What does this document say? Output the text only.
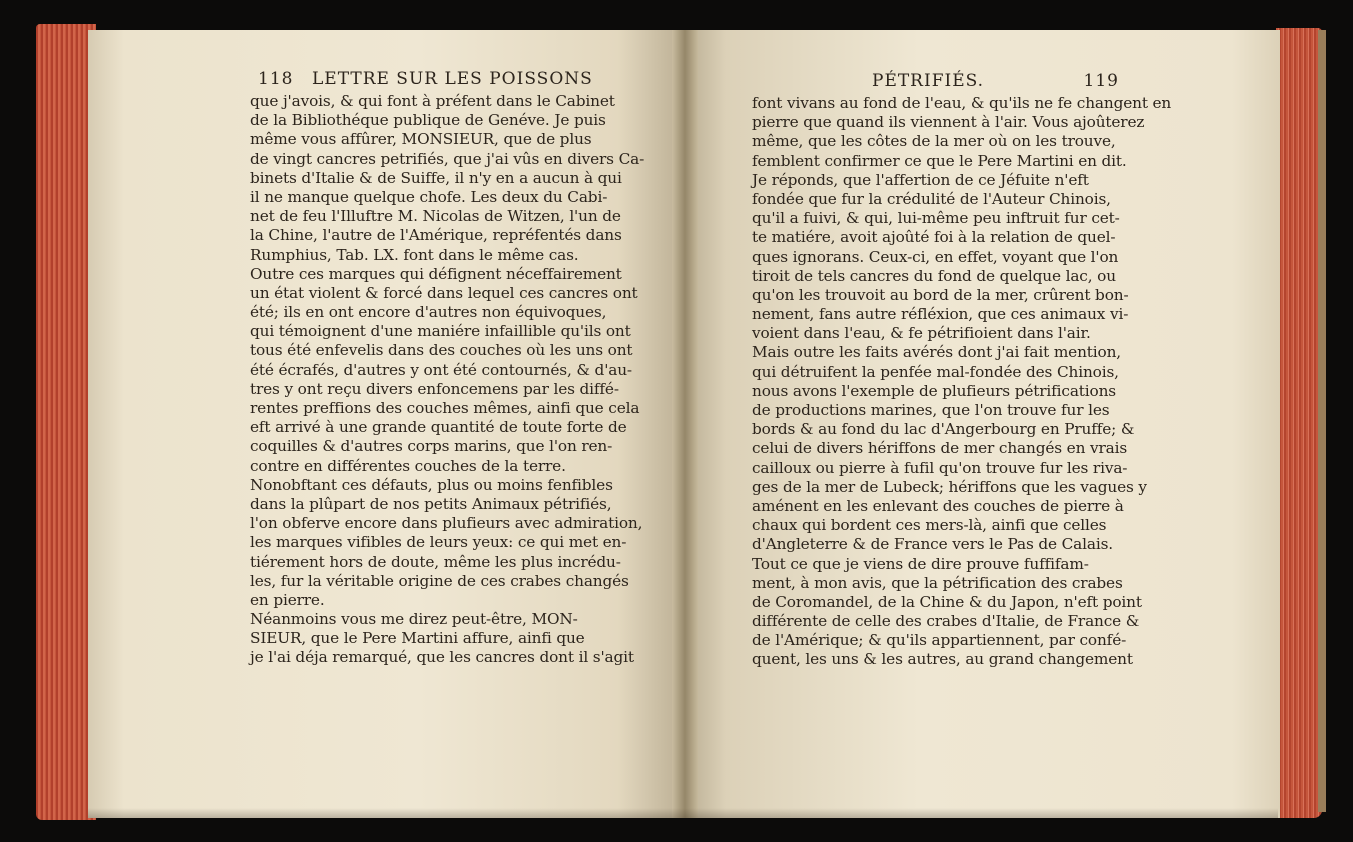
118 LETTRE SUR LES POISSONS
que j'avois, & qui font à préfent dans le Cabinet
de la Bibliothéque publique de Genéve. Je puis
même vous affûrer, MONSIEUR, que de plus
de vingt cancres petrifiés, que j'ai vûs en divers Ca-
binets d'Italie & de Suiffe, il n'y en a aucun à qui
il ne manque quelque chofe. Les deux du Cabi-
net de feu l'Illuftre M. Nicolas de Witzen, l'un de
la Chine, l'autre de l'Amérique, repréfentés dans
Rumphius, Tab. LX. font dans le même cas.
Outre ces marques qui défignent néceffairement
un état violent & forcé dans lequel ces cancres ont
été; ils en ont encore d'autres non équivoques,
qui témoignent d'une maniére infaillible qu'ils ont
tous été enfevelis dans des couches où les uns ont
été écrafés, d'autres y ont été contournés, & d'au-
tres y ont reçu divers enfoncemens par les diffé-
rentes preffions des couches mêmes, ainfi que cela
eft arrivé à une grande quantité de toute forte de
coquilles & d'autres corps marins, que l'on ren-
contre en différentes couches de la terre.
Nonobftant ces défauts, plus ou moins fenfibles
dans la plûpart de nos petits Animaux pétrifiés,
l'on obferve encore dans plufieurs avec admiration,
les marques vifibles de leurs yeux: ce qui met en-
tiérement hors de doute, même les plus incrédu-
les, fur la véritable origine de ces crabes changés
en pierre.
Néanmoins vous me direz peut-être, MON-
SIEUR, que le Pere Martini affure, ainfi que
je l'ai déja remarqué, que les cancres dont il s'agit
PÉTRIFIÉS.	119
font vivans au fond de l'eau, & qu'ils ne fe changent en
pierre que quand ils viennent à l'air. Vous ajoûterez
même, que les côtes de la mer où on les trouve,
femblent confirmer ce que le Pere Martini en dit.
Je réponds, que l'affertion de ce Jéfuite n'eft
fondée que fur la crédulité de l'Auteur Chinois,
qu'il a fuivi, & qui, lui-même peu inftruit fur cet-
te matiére, avoit ajoûté foi à la relation de quel-
ques ignorans. Ceux-ci, en effet, voyant que l'on
tiroit de tels cancres du fond de quelque lac, ou
qu'on les trouvoit au bord de la mer, crûrent bon-
nement, fans autre réfléxion, que ces animaux vi-
voient dans l'eau, & fe pétrifioient dans l'air.
Mais outre les faits avérés dont j'ai fait mention,
qui détruifent la penfée mal-fondée des Chinois,
nous avons l'exemple de plufieurs pétrifications
de productions marines, que l'on trouve fur les
bords & au fond du lac d'Angerbourg en Pruffe; &
celui de divers hériffons de mer changés en vrais
cailloux ou pierre à fufil qu'on trouve fur les riva-
ges de la mer de Lubeck; hériffons que les vagues y
aménent en les enlevant des couches de pierre à
chaux qui bordent ces mers-là, ainfi que celles
d'Angleterre & de France vers le Pas de Calais.
Tout ce que je viens de dire prouve fuffifam-
ment, à mon avis, que la pétrification des crabes
de Coromandel, de la Chine & du Japon, n'eft point
différente de celle des crabes d'Italie, de France &
de l'Amérique; & qu'ils appartiennent, par confé-
quent, les uns & les autres, au grand changement
